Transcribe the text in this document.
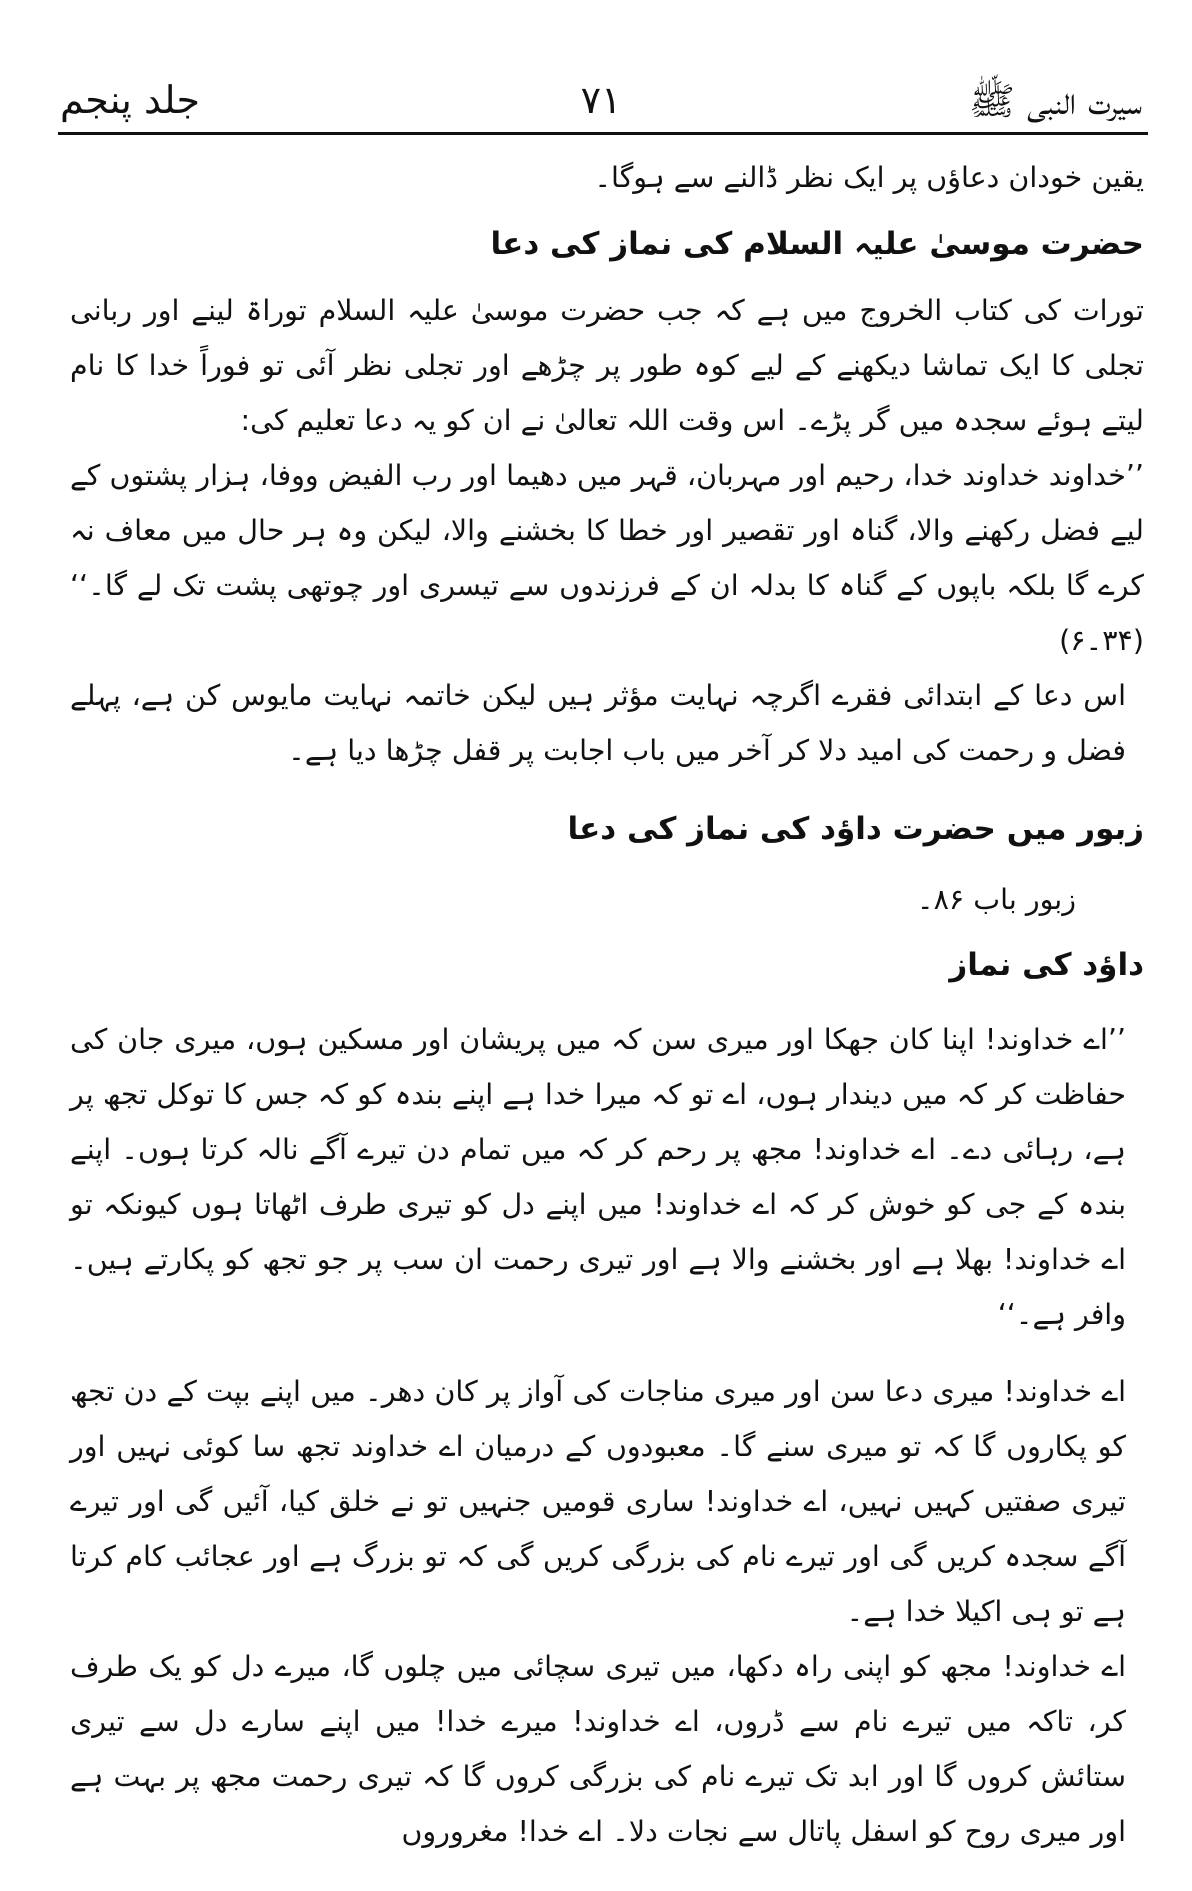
سیرت النبی ﷺ
۷۱
جلد پنجم

یقین خودان دعاؤں پر ایک نظر ڈالنے سے ہوگا۔

حضرت موسیٰ علیہ السلام کی نماز کی دعا

تورات کی کتاب الخروج میں ہے کہ جب حضرت موسیٰ علیہ السلام توراۃ لینے اور ربانی تجلی کا ایک تماشا دیکھنے کے لیے کوہ طور پر چڑھے اور تجلی نظر آئی تو فوراً خدا کا نام لیتے ہوئے سجدہ میں گر پڑے۔ اس وقت اللہ تعالیٰ نے ان کو یہ دعا تعلیم کی:

’’خداوند خداوند خدا، رحیم اور مہربان، قہر میں دھیما اور رب الفیض ووفا، ہزار پشتوں کے لیے فضل رکھنے والا، گناہ اور تقصیر اور خطا کا بخشنے والا، لیکن وہ ہر حال میں معاف نہ کرے گا بلکہ باپوں کے گناہ کا بدلہ ان کے فرزندوں سے تیسری اور چوتھی پشت تک لے گا۔‘‘ (۳۴۔۶)

اس دعا کے ابتدائی فقرے اگرچہ نہایت مؤثر ہیں لیکن خاتمہ نہایت مایوس کن ہے، پہلے فضل و رحمت کی امید دلا کر آخر میں باب اجابت پر قفل چڑھا دیا ہے۔

زبور میں حضرت داؤد کی نماز کی دعا

زبور باب ۸۶۔

داؤد کی نماز

’’اے خداوند! اپنا کان جھکا اور میری سن کہ میں پریشان اور مسکین ہوں، میری جان کی حفاظت کر کہ میں دیندار ہوں، اے تو کہ میرا خدا ہے اپنے بندہ کو کہ جس کا توکل تجھ پر ہے، رہائی دے۔ اے خداوند! مجھ پر رحم کر کہ میں تمام دن تیرے آگے نالہ کرتا ہوں۔ اپنے بندہ کے جی کو خوش کر کہ اے خداوند! میں اپنے دل کو تیری طرف اٹھاتا ہوں کیونکہ تو اے خداوند! بھلا ہے اور بخشنے والا ہے اور تیری رحمت ان سب پر جو تجھ کو پکارتے ہیں۔ وافر ہے۔‘‘

اے خداوند! میری دعا سن اور میری مناجات کی آواز پر کان دھر۔ میں اپنے بپت کے دن تجھ کو پکاروں گا کہ تو میری سنے گا۔ معبودوں کے درمیان اے خداوند تجھ سا کوئی نہیں اور تیری صفتیں کہیں نہیں، اے خداوند! ساری قومیں جنہیں تو نے خلق کیا، آئیں گی اور تیرے آگے سجدہ کریں گی اور تیرے نام کی بزرگی کریں گی کہ تو بزرگ ہے اور عجائب کام کرتا ہے تو ہی اکیلا خدا ہے۔

اے خداوند! مجھ کو اپنی راہ دکھا، میں تیری سچائی میں چلوں گا، میرے دل کو یک طرف کر، تاکہ میں تیرے نام سے ڈروں، اے خداوند! میرے خدا! میں اپنے سارے دل سے تیری ستائش کروں گا اور ابد تک تیرے نام کی بزرگی کروں گا کہ تیری رحمت مجھ پر بہت ہے اور میری روح کو اسفل پاتال سے نجات دلا۔ اے خدا! مغروروں
